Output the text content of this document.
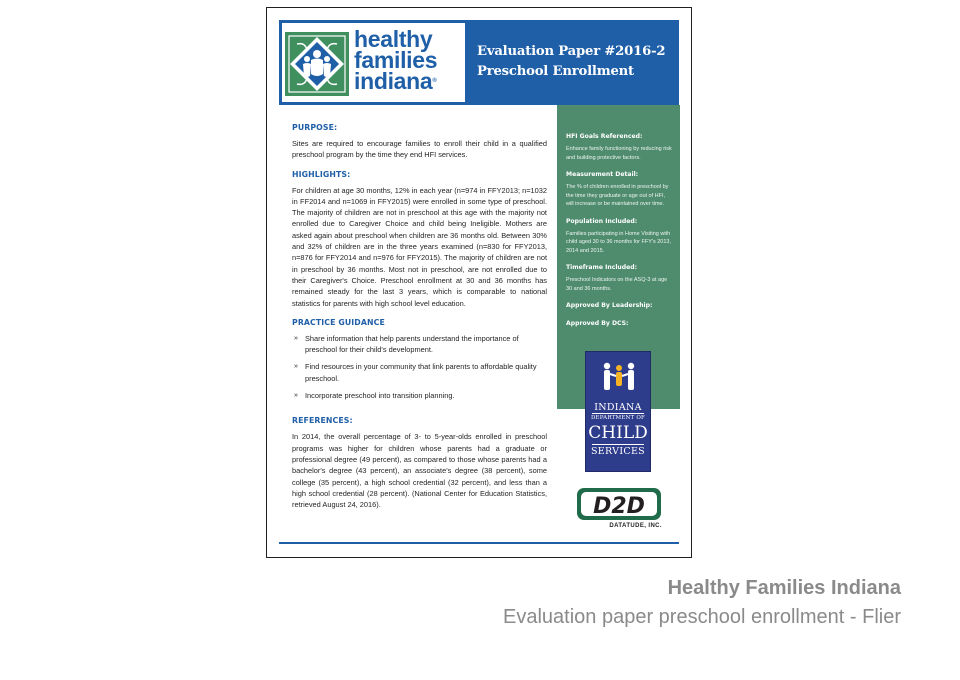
healthy
families
indiana®
Evaluation Paper #2016-2
Preschool Enrollment
PURPOSE:

Sites are required to encourage families to enroll their child in a qualified preschool program by the time they end HFI services.

HIGHLIGHTS:

For children at age 30 months, 12% in each year (n=974 in FFY2013; n=1032 in FF2014 and n=1069 in FFY2015) were enrolled in some type of preschool. The majority of children are not in preschool at this age with the majority not enrolled due to Caregiver Choice and child being Ineligible. Mothers are asked again about preschool when children are 36 months old. Between 30% and 32% of children are in the three years examined (n=830 for FFY2013, n=876 for FFY2014 and n=976 for FFY2015). The majority of children are not in preschool by 36 months. Most not in preschool, are not enrolled due to their Caregiver's Choice. Preschool enrollment at 30 and 36 months has remained steady for the last 3 years, which is comparable to national statistics for parents with high school level education.

PRACTICE GUIDANCE
» Share information that help parents understand the importance of preschool for their child's development.
» Find resources in your community that link parents to affordable quality preschool.
» Incorporate preschool into transition planning.
REFERENCES:

In 2014, the overall percentage of 3- to 5-year-olds enrolled in preschool programs was higher for children whose parents had a graduate or professional degree (49 percent), as compared to those whose parents had a bachelor's degree (43 percent), an associate's degree (38 percent), some college (35 percent), a high school credential (32 percent), and less than a high school credential (28 percent). (National Center for Education Statistics, retrieved August 24, 2016).

HFI Goals Referenced:
Enhance family functioning by reducing risk and building protective factors.
Measurement Detail:
The % of children enrolled in preschool by the time they graduate or age out of HFI, will increase or be maintained over time.
Population Included:
Families participating in Home Visiting with child aged 30 to 36 months for FFY's 2013, 2014 and 2015.
Timeframe Included:
Preschool Indicators on the ASQ-3 at age 30 and 36 months.
Approved By Leadership:
Approved By DCS:
INDIANA
DEPARTMENT OF
CHILD
SERVICES
D2D
DATATUDE, INC.
Healthy Families Indiana
Evaluation paper preschool enrollment - Flier
